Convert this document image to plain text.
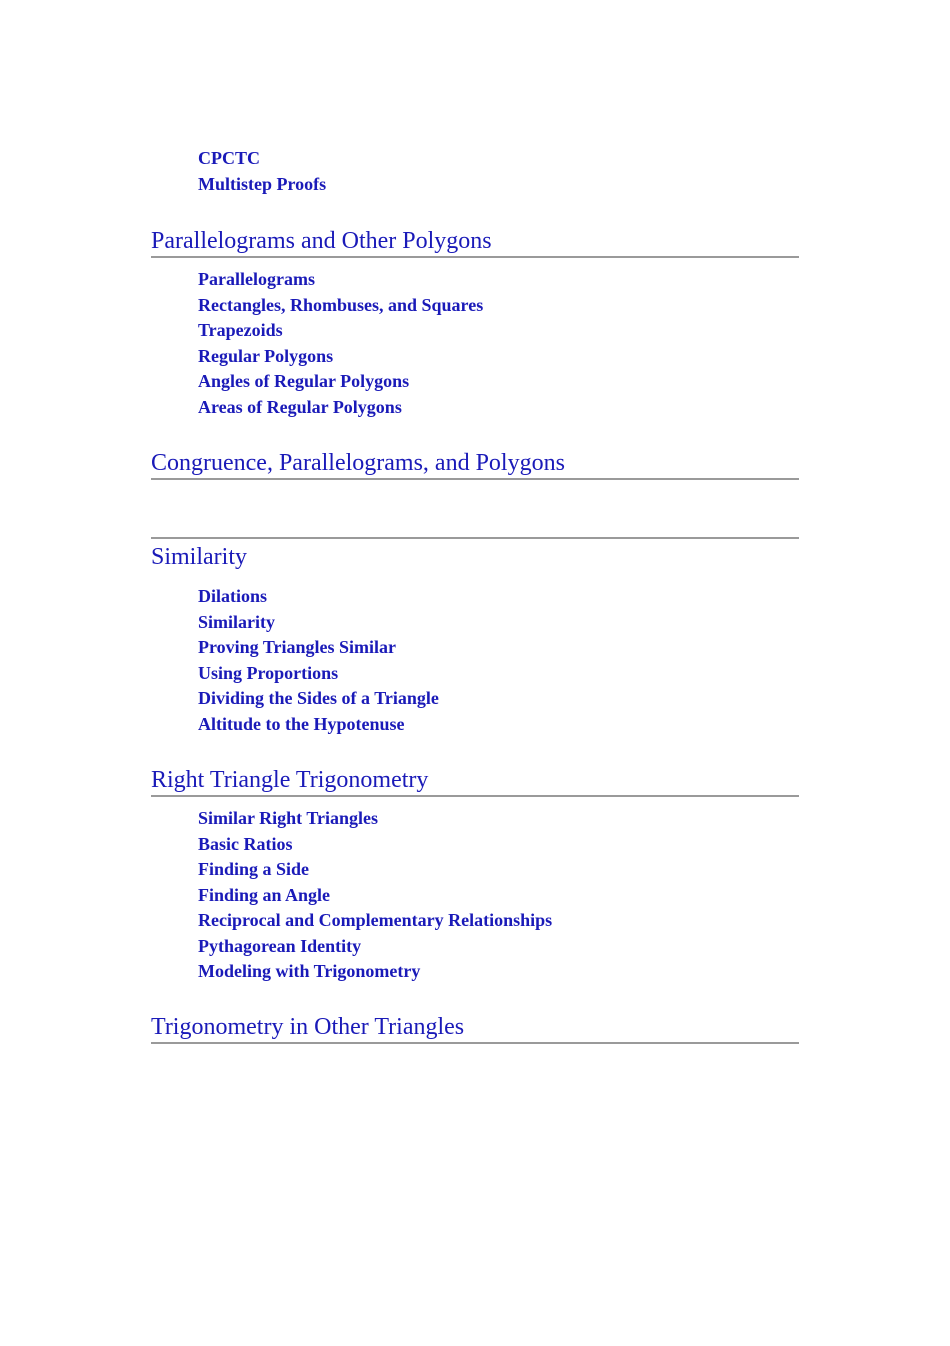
CPCTC
Multistep Proofs
Parallelograms and Other Polygons
Parallelograms
Rectangles, Rhombuses, and Squares
Trapezoids
Regular Polygons
Angles of Regular Polygons
Areas of Regular Polygons
Congruence, Parallelograms, and Polygons
Similarity
Dilations
Similarity
Proving Triangles Similar
Using Proportions
Dividing the Sides of a Triangle
Altitude to the Hypotenuse
Right Triangle Trigonometry
Similar Right Triangles
Basic Ratios
Finding a Side
Finding an Angle
Reciprocal and Complementary Relationships
Pythagorean Identity
Modeling with Trigonometry
Trigonometry in Other Triangles
